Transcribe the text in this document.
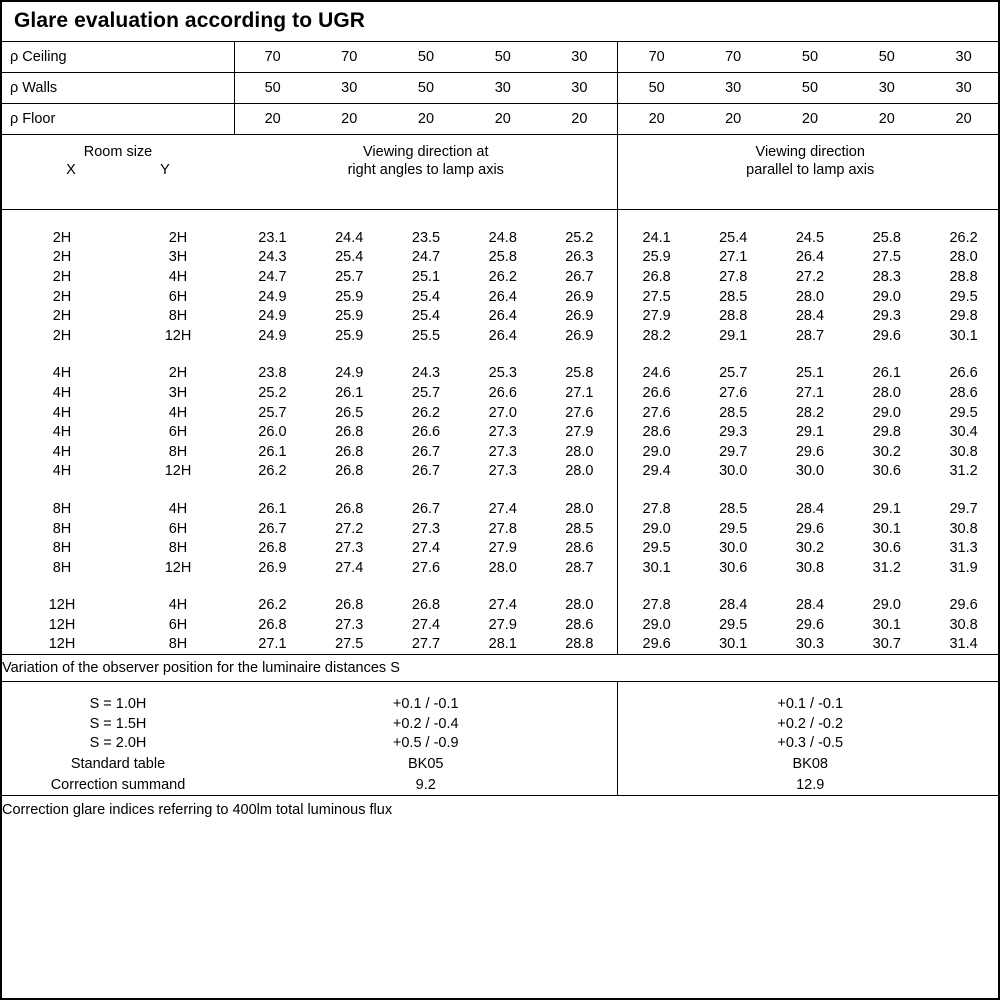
Glare evaluation according to UGR
ρ Ceiling		70	70	50	50	30	70	70	50	50	30
ρ Walls		50	30	50	30	30	50	30	50	30	30
ρ Floor		20	20	20	20	20	20	20	20	20	20

Room size
X	Y

Viewing direction at
right angles to lamp axis

Viewing direction
parallel to lamp axis

2H	2H	23.1	24.4	23.5	24.8	25.2	24.1	25.4	24.5	25.8	26.2
2H	3H	24.3	25.4	24.7	25.8	26.3	25.9	27.1	26.4	27.5	28.0
2H	4H	24.7	25.7	25.1	26.2	26.7	26.8	27.8	27.2	28.3	28.8
2H	6H	24.9	25.9	25.4	26.4	26.9	27.5	28.5	28.0	29.0	29.5
2H	8H	24.9	25.9	25.4	26.4	26.9	27.9	28.8	28.4	29.3	29.8
2H	12H	24.9	25.9	25.5	26.4	26.9	28.2	29.1	28.7	29.6	30.1

4H	2H	23.8	24.9	24.3	25.3	25.8	24.6	25.7	25.1	26.1	26.6
4H	3H	25.2	26.1	25.7	26.6	27.1	26.6	27.6	27.1	28.0	28.6
4H	4H	25.7	26.5	26.2	27.0	27.6	27.6	28.5	28.2	29.0	29.5
4H	6H	26.0	26.8	26.6	27.3	27.9	28.6	29.3	29.1	29.8	30.4
4H	8H	26.1	26.8	26.7	27.3	28.0	29.0	29.7	29.6	30.2	30.8
4H	12H	26.2	26.8	26.7	27.3	28.0	29.4	30.0	30.0	30.6	31.2

8H	4H	26.1	26.8	26.7	27.4	28.0	27.8	28.5	28.4	29.1	29.7
8H	6H	26.7	27.2	27.3	27.8	28.5	29.0	29.5	29.6	30.1	30.8
8H	8H	26.8	27.3	27.4	27.9	28.6	29.5	30.0	30.2	30.6	31.3
8H	12H	26.9	27.4	27.6	28.0	28.7	30.1	30.6	30.8	31.2	31.9

12H	4H	26.2	26.8	26.8	27.4	28.0	27.8	28.4	28.4	29.0	29.6
12H	6H	26.8	27.3	27.4	27.9	28.6	29.0	29.5	29.6	30.1	30.8
12H	8H	27.1	27.5	27.7	28.1	28.8	29.6	30.1	30.3	30.7	31.4
Variation of the observer position for the luminaire distances S											

S = 1.0H		+0.1 / -0.1					+0.1 / -0.1				
S = 1.5H		+0.2 / -0.4					+0.2 / -0.2				
S = 2.0H		+0.5 / -0.9					+0.3 / -0.5				
Standard table		BK05					BK08				
Correction summand		9.2					12.9				
Correction glare indices referring to 400lm total luminous flux											
